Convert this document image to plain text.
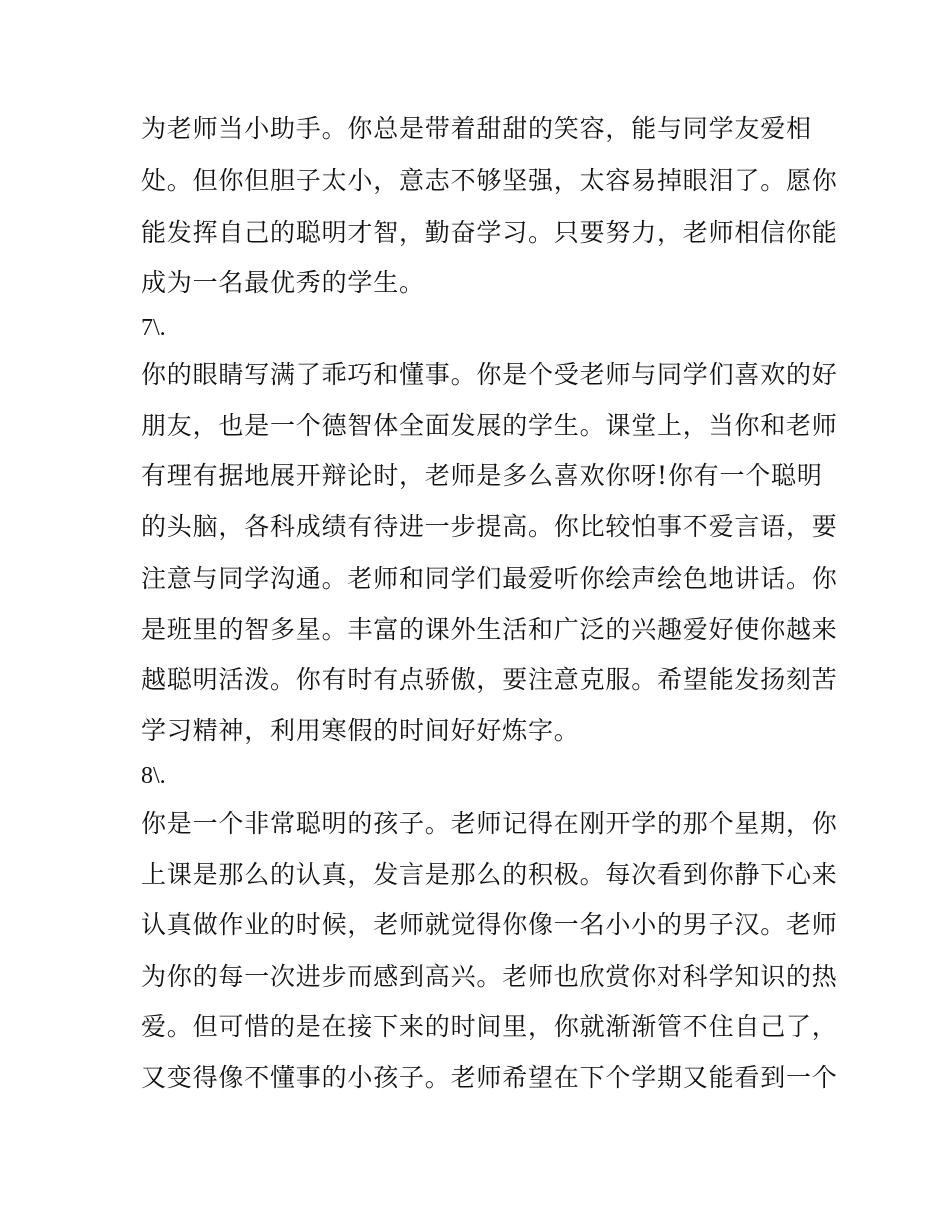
为老师当小助手。你总是带着甜甜的笑容，能与同学友爱相
处。但你但胆子太小，意志不够坚强，太容易掉眼泪了。愿你
能发挥自己的聪明才智，勤奋学习。只要努力，老师相信你能
成为一名最优秀的学生。
7\.
你的眼睛写满了乖巧和懂事。你是个受老师与同学们喜欢的好
朋友，也是一个德智体全面发展的学生。课堂上，当你和老师
有理有据地展开辩论时，老师是多么喜欢你呀!你有一个聪明
的头脑，各科成绩有待进一步提高。你比较怕事不爱言语，要
注意与同学沟通。老师和同学们最爱听你绘声绘色地讲话。你
是班里的智多星。丰富的课外生活和广泛的兴趣爱好使你越来
越聪明活泼。你有时有点骄傲，要注意克服。希望能发扬刻苦
学习精神，利用寒假的时间好好炼字。
8\.
你是一个非常聪明的孩子。老师记得在刚开学的那个星期，你
上课是那么的认真，发言是那么的积极。每次看到你静下心来
认真做作业的时候，老师就觉得你像一名小小的男子汉。老师
为你的每一次进步而感到高兴。老师也欣赏你对科学知识的热
爱。但可惜的是在接下来的时间里，你就渐渐管不住自己了，
又变得像不懂事的小孩子。老师希望在下个学期又能看到一个
